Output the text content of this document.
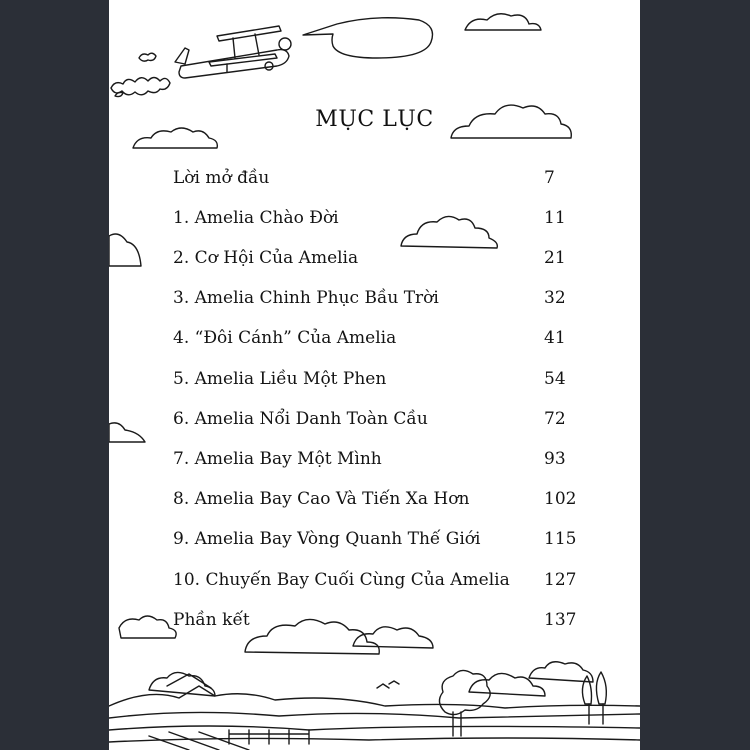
MỤC LỤC
Lời mở đầu	7
1. Amelia Chào Đời	11
2. Cơ Hội Của Amelia	21
3. Amelia Chinh Phục Bầu Trời	32
4. “Đôi Cánh” Của Amelia	41
5. Amelia Liều Một Phen	54
6. Amelia Nổi Danh Toàn Cầu	72
7. Amelia Bay Một Mình	93
8. Amelia Bay Cao Và Tiến Xa Hơn	102
9. Amelia Bay Vòng Quanh Thế Giới	115
10. Chuyến Bay Cuối Cùng Của Amelia 127
Phần kết	137
